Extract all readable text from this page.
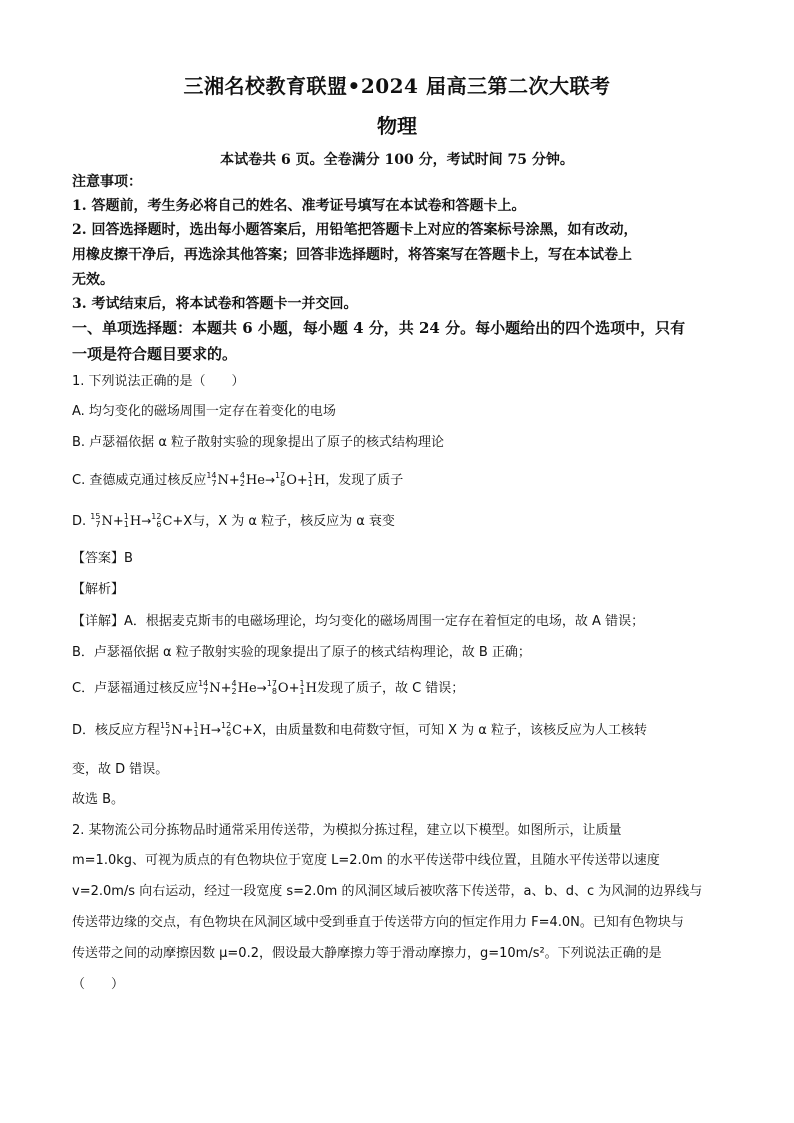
三湘名校教育联盟•2024 届高三第二次大联考
物理
本试卷共 6 页。全卷满分 100 分，考试时间 75 分钟。
注意事项：
1. 答题前，考生务必将自己的姓名、准考证号填写在本试卷和答题卡上。
2. 回答选择题时，选出每小题答案后，用铅笔把答题卡上对应的答案标号涂黑，如有改动，
用橡皮擦干净后，再选涂其他答案；回答非选择题时，将答案写在答题卡上，写在本试卷上
无效。
3. 考试结束后，将本试卷和答题卡一并交回。
一、单项选择题：本题共 6 小题，每小题 4 分，共 24 分。每小题给出的四个选项中，只有
一项是符合题目要求的。
1. 下列说法正确的是（　　）
A. 均匀变化的磁场周围一定存在着变化的电场
B. 卢瑟福依据 α 粒子散射实验的现象提出了原子的核式结构理论
C. 查德威克通过核反应 14
7 N+ 4
2 He→ 17
8 O+ 1
1 H，发现了质子
D. 15
7 N+ 1
1 H→ 12
6 C+X与，X 为 α 粒子，核反应为 α 衰变
【答案】B
【解析】
【详解】A．根据麦克斯韦的电磁场理论，均匀变化的磁场周围一定存在着恒定的电场，故 A 错误；
B．卢瑟福依据 α 粒子散射实验的现象提出了原子的核式结构理论，故 B 正确；
C．卢瑟福通过核反应 14
7 N+ 4
2 He→ 17
8 O+ 1
1 H发现了质子，故 C 错误；
D．核反应方程 15
7 N+ 1
1 H→ 12
6 C+X，由质量数和电荷数守恒，可知 X 为 α 粒子，该核反应为人工核转
变，故 D 错误。
故选 B。
2. 某物流公司分拣物品时通常采用传送带，为模拟分拣过程，建立以下模型。如图所示，让质量
m=1.0kg、可视为质点的有色物块位于宽度 L=2.0m 的水平传送带中线位置，且随水平传送带以速度
v=2.0m/s 向右运动，经过一段宽度 s=2.0m 的风洞区域后被吹落下传送带，a、b、d、c 为风洞的边界线与
传送带边缘的交点，有色物块在风洞区域中受到垂直于传送带方向的恒定作用力 F=4.0N。已知有色物块与
传送带之间的动摩擦因数 μ=0.2，假设最大静摩擦力等于滑动摩擦力，g=10m/s²。下列说法正确的是
（　　）
